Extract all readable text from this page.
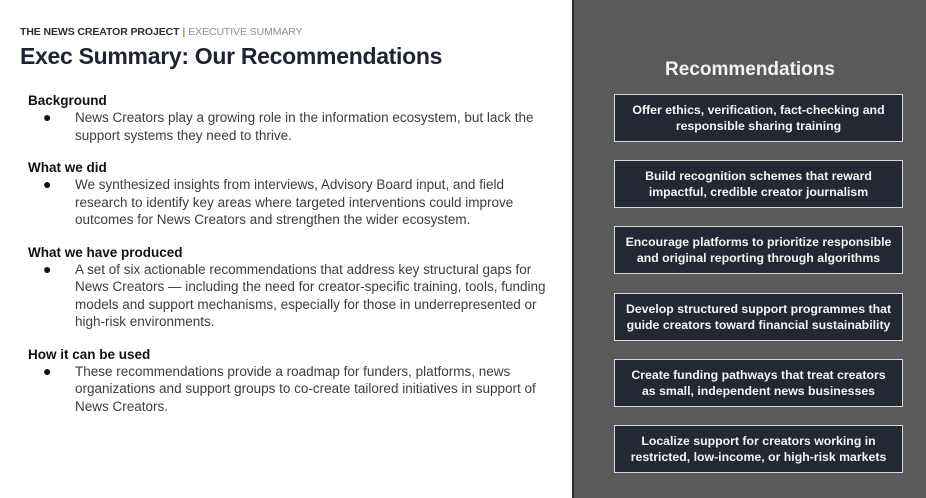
THE NEWS CREATOR PROJECT | EXECUTIVE SUMMARY
Exec Summary: Our Recommendations
Background
●	News Creators play a growing role in the information ecosystem, but lack the support systems they need to thrive.
What we did
●	We synthesized insights from interviews, Advisory Board input, and field research to identify key areas where targeted interventions could improve outcomes for News Creators and strengthen the wider ecosystem.
What we have produced
●	A set of six actionable recommendations that address key structural gaps for News Creators — including the need for creator-specific training, tools, funding models and support mechanisms, especially for those in underrepresented or high-risk environments.
How it can be used
●	These recommendations provide a roadmap for funders, platforms, news organizations and support groups to co-create tailored initiatives in support of News Creators.
Recommendations
Offer ethics, verification, fact-checking and responsible sharing training
Build recognition schemes that reward impactful, credible creator journalism
Encourage platforms to prioritize responsible and original reporting through algorithms
Develop structured support programmes that guide creators toward financial sustainability
Create funding pathways that treat creators as small, independent news businesses
Localize support for creators working in restricted, low-income, or high-risk markets
